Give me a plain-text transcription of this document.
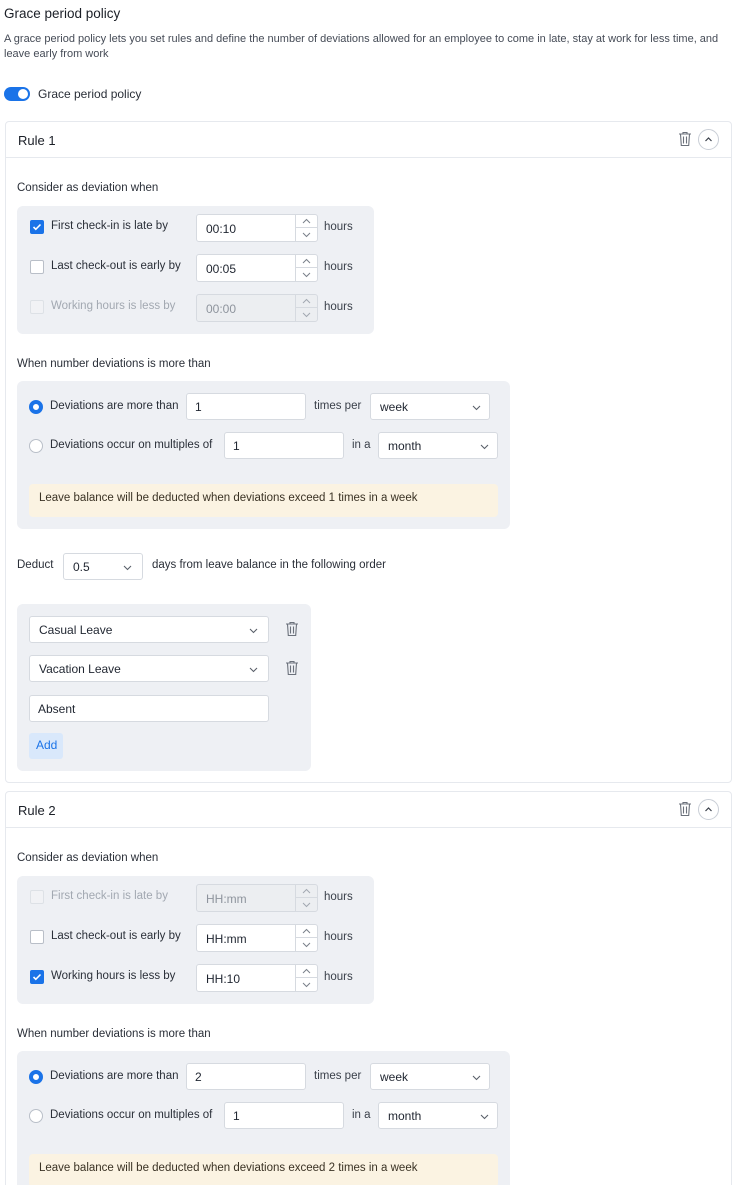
Grace period policy
A grace period policy lets you set rules and define the number of deviations allowed for an employee to come in late, stay at work for less time, and leave early from work
Grace period policy
Rule 1
Consider as deviation when
First check-in is late by	00:10	hours
Last check-out is early by 00:05	hours
Working hours is less by	00:00	hours
When number deviations is more than
Deviations are more than 1	times per week
Deviations occur on multiples of 1	in a month
Leave balance will be deducted when deviations exceed 1 times in a week
Deduct 0.5	days from leave balance in the following order
Casual Leave
Vacation Leave
Absent
Add
Rule 2
Consider as deviation when
First check-in is late by	HH:mm	hours
Last check-out is early by HH:mm	hours
Working hours is less by	HH:10	hours
When number deviations is more than
Deviations are more than 2	times per week
Deviations occur on multiples of 1	in a month
Leave balance will be deducted when deviations exceed 2 times in a week
